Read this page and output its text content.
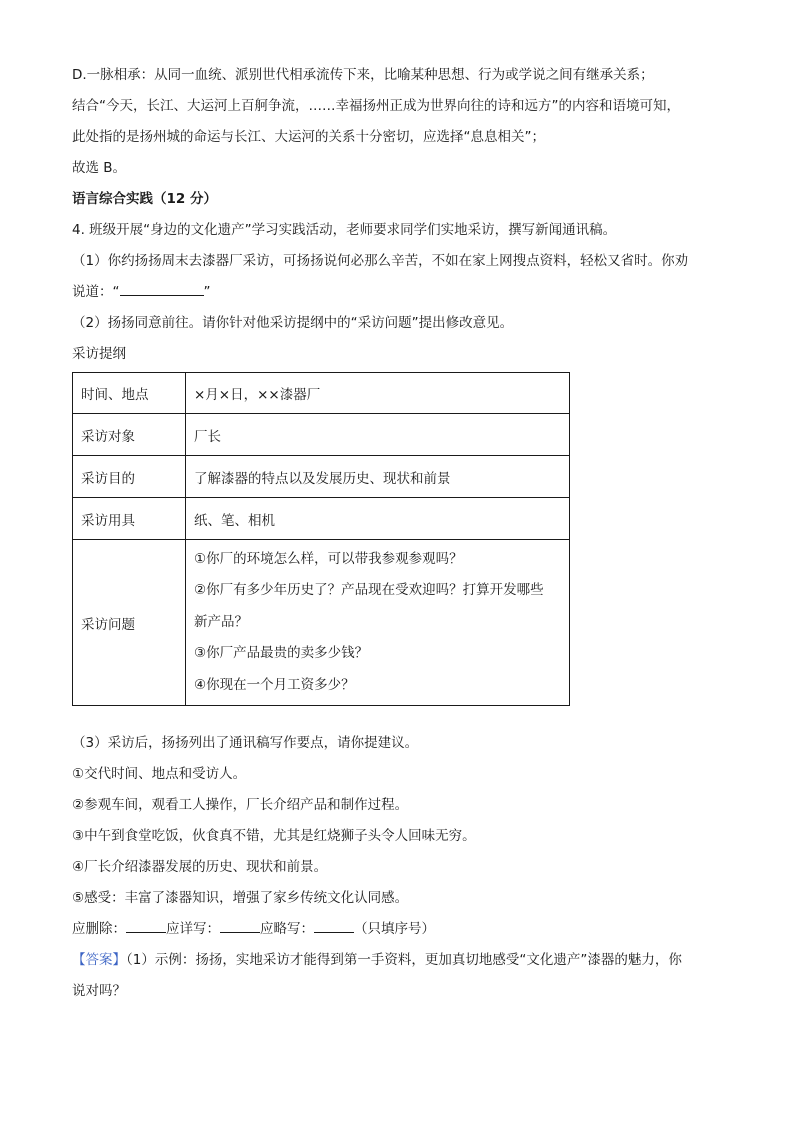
D.一脉相承：从同一血统、派别世代相承流传下来，比喻某种思想、行为或学说之间有继承关系；

结合“今天，长江、大运河上百舸争流，……幸福扬州正成为世界向往的诗和远方”的内容和语境可知，

此处指的是扬州城的命运与长江、大运河的关系十分密切，应选择“息息相关”；

故选 B。

语言综合实践（12 分）

4. 班级开展“身边的文化遗产”学习实践活动，老师要求同学们实地采访，撰写新闻通讯稿。

（1）你约扬扬周末去漆器厂采访，可扬扬说何必那么辛苦，不如在家上网搜点资料，轻松又省时。你劝

说道：“	”

（2）扬扬同意前往。请你针对他采访提纲中的“采访问题”提出修改意见。

采访提纲

时间、地点	×月×日，××漆器厂
采访对象	厂长
采访目的	了解漆器的特点以及发展历史、现状和前景
采访用具	纸、笔、相机
采访问题	①你厂的环境怎么样，可以带我参观参观吗？
②你厂有多少年历史了？产品现在受欢迎吗？打算开发哪些
新产品？
③你厂产品最贵的卖多少钱？
④你现在一个月工资多少？

（3）采访后，扬扬列出了通讯稿写作要点，请你提建议。

①交代时间、地点和受访人。

②参观车间，观看工人操作，厂长介绍产品和制作过程。

③中午到食堂吃饭，伙食真不错，尤其是红烧狮子头令人回味无穷。

④厂长介绍漆器发展的历史、现状和前景。

⑤感受：丰富了漆器知识，增强了家乡传统文化认同感。

应删除：	应详写：	应略写：	（只填序号）

【答案】（1）示例：扬扬，实地采访才能得到第一手资料，更加真切地感受“文化遗产”漆器的魅力，你

说对吗？
